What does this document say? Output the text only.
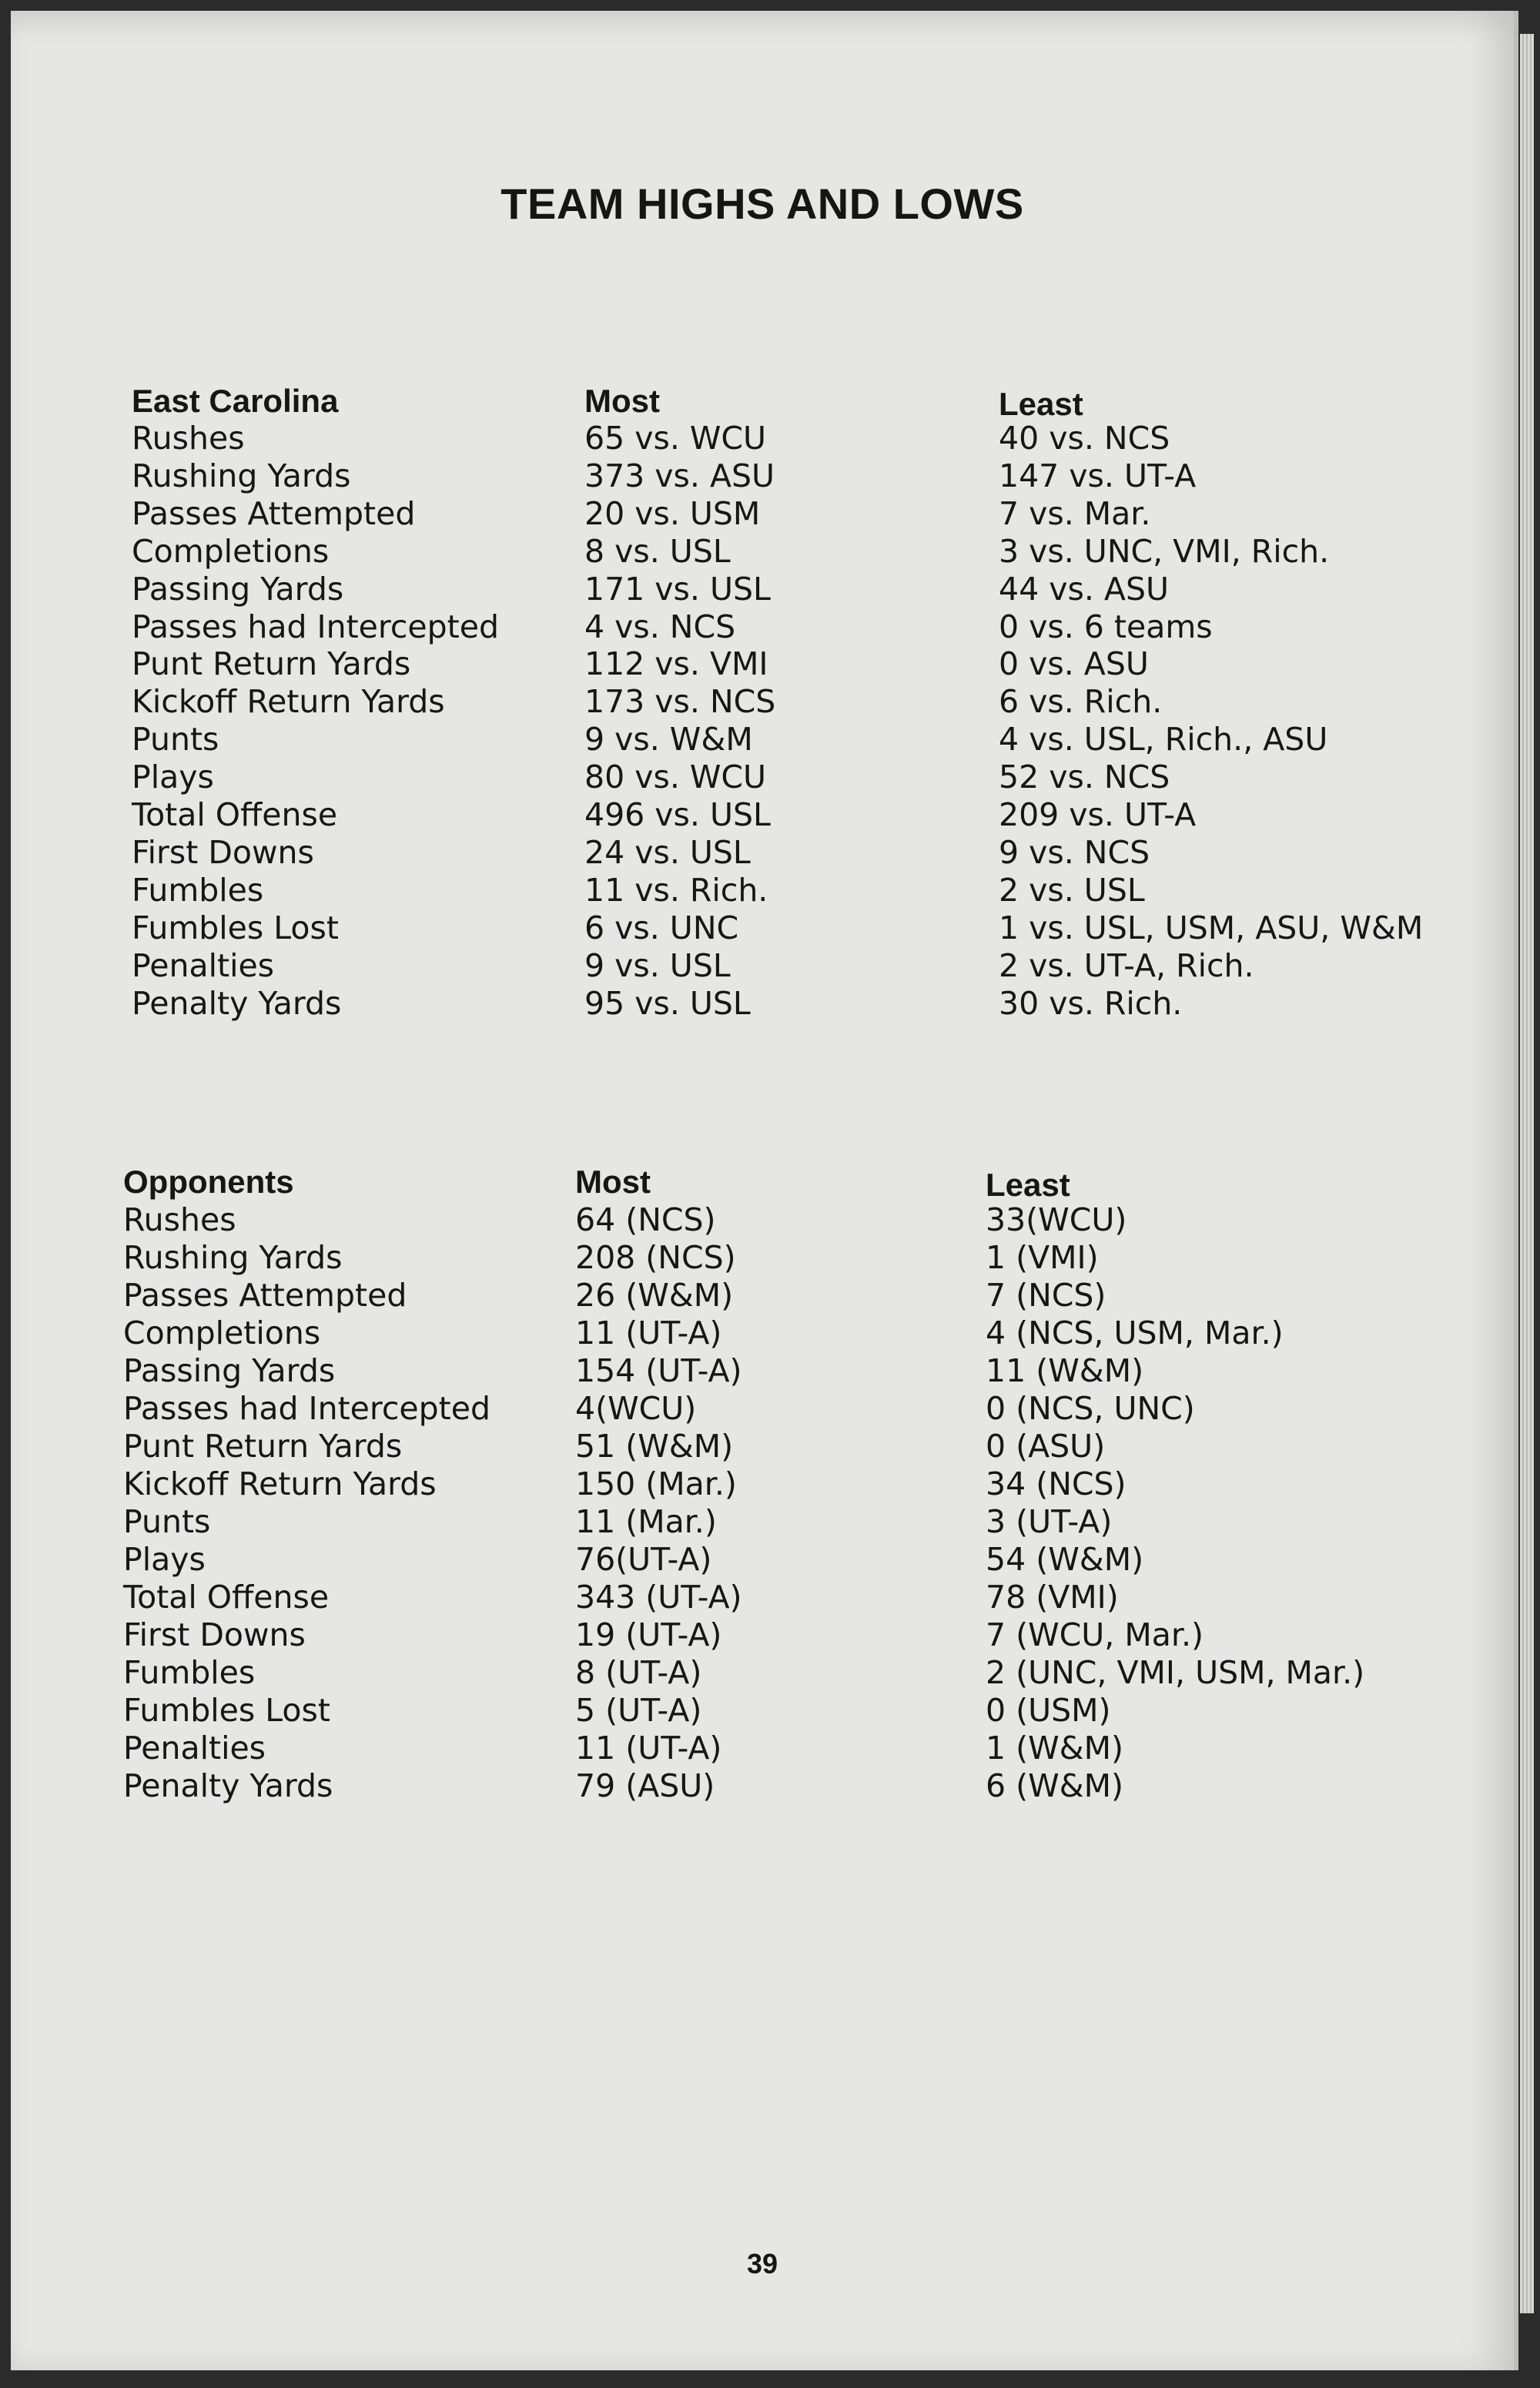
TEAM HIGHS AND LOWS
East Carolina	Most	Least
Rushes	65 vs. WCU	40 vs. NCS
Rushing Yards	373 vs. ASU	147 vs. UT-A
Passes Attempted	20 vs. USM	7 vs. Mar.
Completions	8 vs. USL	3 vs. UNC, VMI, Rich.
Passing Yards	171 vs. USL	44 vs. ASU
Passes had Intercepted	4 vs. NCS	0 vs. 6 teams
Punt Return Yards	112 vs. VMI	0 vs. ASU
Kickoff Return Yards	173 vs. NCS	6 vs. Rich.
Punts	9 vs. W&M	4 vs. USL, Rich., ASU
Plays	80 vs. WCU	52 vs. NCS
Total Offense	496 vs. USL	209 vs. UT-A
First Downs	24 vs. USL	9 vs. NCS
Fumbles	11 vs. Rich.	2 vs. USL
Fumbles Lost	6 vs. UNC	1 vs. USL, USM, ASU, W&M
Penalties	9 vs. USL	2 vs. UT-A, Rich.
Penalty Yards	95 vs. USL	30 vs. Rich.
Opponents	Most	Least
Rushes	64 (NCS)	33(WCU)
Rushing Yards	208 (NCS)	1 (VMI)
Passes Attempted	26 (W&M)	7 (NCS)
Completions	11 (UT-A)	4 (NCS, USM, Mar.)
Passing Yards	154 (UT-A)	11 (W&M)
Passes had Intercepted	4(WCU)	0 (NCS, UNC)
Punt Return Yards	51 (W&M)	0 (ASU)
Kickoff Return Yards	150 (Mar.)	34 (NCS)
Punts	11 (Mar.)	3 (UT-A)
Plays	76(UT-A)	54 (W&M)
Total Offense	343 (UT-A)	78 (VMI)
First Downs	19 (UT-A)	7 (WCU, Mar.)
Fumbles	8 (UT-A)	2 (UNC, VMI, USM, Mar.)
Fumbles Lost	5 (UT-A)	0 (USM)
Penalties	11 (UT-A)	1 (W&M)
Penalty Yards	79 (ASU)	6 (W&M)
39
